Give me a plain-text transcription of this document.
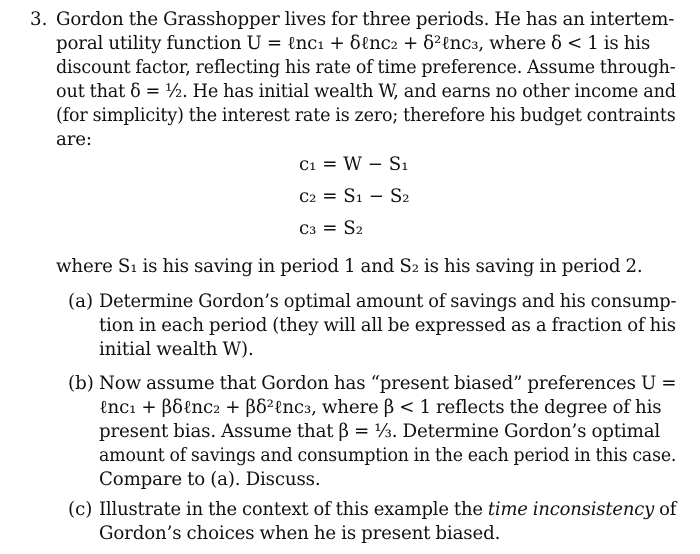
3. Gordon the Grasshopper lives for three periods. He has an intertem-
poral utility function U = ℓnc₁ + δℓnc₂ + δ²ℓnc₃, where δ < 1 is his
discount factor, reflecting his rate of time preference. Assume through-
out that δ = ½. He has initial wealth W, and earns no other income and
(for simplicity) the interest rate is zero; therefore his budget contraints
are:
c₁ = W − S₁
c₂ = S₁ − S₂
c₃ = S₂
where S₁ is his saving in period 1 and S₂ is his saving in period 2.
(a) Determine Gordon’s optimal amount of savings and his consump-
tion in each period (they will all be expressed as a fraction of his
initial wealth W).
(b) Now assume that Gordon has “present biased” preferences U =
ℓnc₁ + βδℓnc₂ + βδ²ℓnc₃, where β < 1 reflects the degree of his
present bias. Assume that β = ⅓. Determine Gordon’s optimal
amount of savings and consumption in the each period in this case.
Compare to (a). Discuss.
(c) Illustrate in the context of this example the time inconsistency of
Gordon’s choices when he is present biased.
